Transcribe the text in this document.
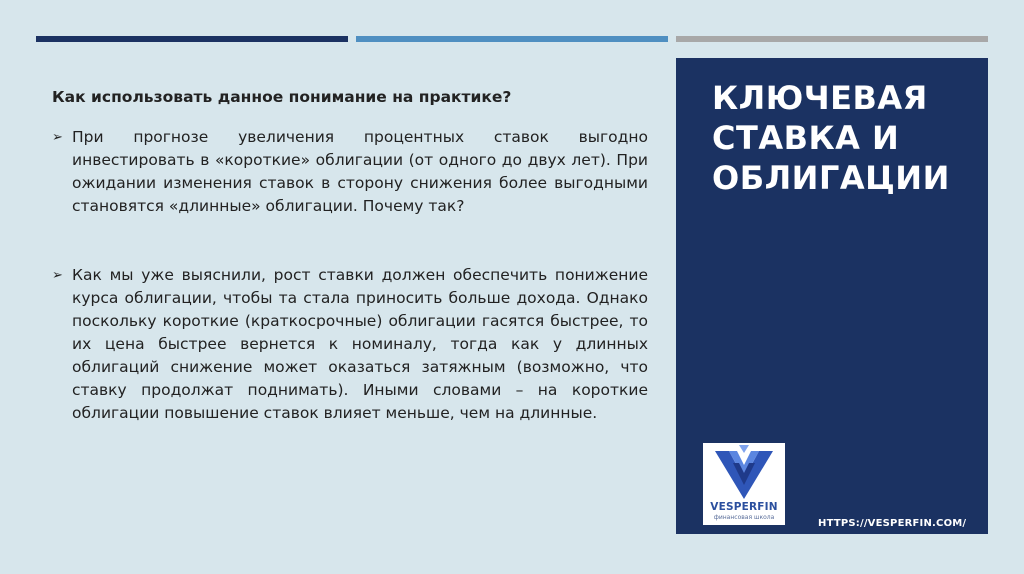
Как использовать данное понимание на практике?

➢ При прогнозе увеличения процентных ставок выгодно инвестировать в «короткие» облигации (от одного до двух лет). При ожидании изменения ставок в сторону снижения более выгодными становятся «длинные» облигации. Почему так?
➢ Как мы уже выяснили, рост ставки должен обеспечить понижение курса облигации, чтобы та стала приносить больше дохода. Однако поскольку короткие (краткосрочные) облигации гасятся быстрее, то их цена быстрее вернется к номиналу, тогда как у длинных облигаций снижение может оказаться затяжным (возможно, что ставку продолжат поднимать). Иными словами – на короткие облигации повышение ставок влияет меньше, чем на длинные.
КЛЮЧЕВАЯ СТАВКА И ОБЛИГАЦИИ
VESPERFIN
финансовая школа
HTTPS://VESPERFIN.COM/
